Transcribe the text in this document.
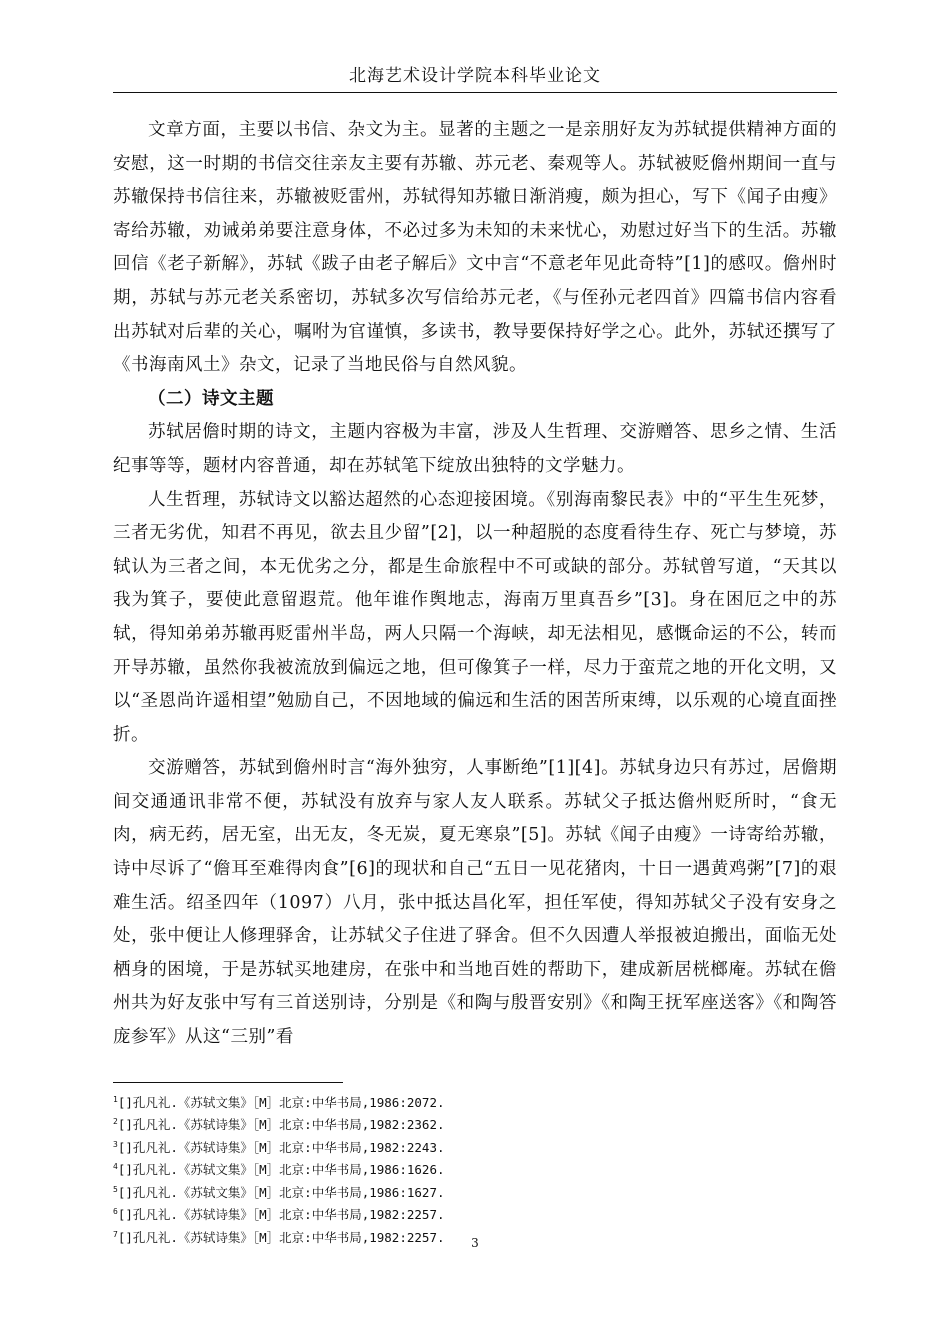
北海艺术设计学院本科毕业论文

文章方面，主要以书信、杂文为主。显著的主题之一是亲朋好友为苏轼提供精神方面的安慰，这一时期的书信交往亲友主要有苏辙、苏元老、秦观等人。苏轼被贬儋州期间一直与苏辙保持书信往来，苏辙被贬雷州，苏轼得知苏辙日渐消瘦，颇为担心，写下《闻子由瘦》寄给苏辙，劝诫弟弟要注意身体，不必过多为未知的未来忧心，劝慰过好当下的生活。苏辙回信《老子新解》，苏轼《跋子由老子解后》文中言“不意老年见此奇特”[1]的感叹。儋州时期，苏轼与苏元老关系密切，苏轼多次写信给苏元老，《与侄孙元老四首》四篇书信内容看出苏轼对后辈的关心，嘱咐为官谨慎，多读书，教导要保持好学之心。此外，苏轼还撰写了《书海南风土》杂文，记录了当地民俗与自然风貌。

（二）诗文主题

苏轼居儋时期的诗文，主题内容极为丰富，涉及人生哲理、交游赠答、思乡之情、生活纪事等等，题材内容普通，却在苏轼笔下绽放出独特的文学魅力。

人生哲理，苏轼诗文以豁达超然的心态迎接困境。《别海南黎民表》中的“平生生死梦，三者无劣优，知君不再见，欲去且少留”[2]，以一种超脱的态度看待生存、死亡与梦境，苏轼认为三者之间，本无优劣之分，都是生命旅程中不可或缺的部分。苏轼曾写道，“天其以我为箕子，要使此意留遐荒。他年谁作舆地志，海南万里真吾乡”[3]。身在困厄之中的苏轼，得知弟弟苏辙再贬雷州半岛，两人只隔一个海峡，却无法相见，感慨命运的不公，转而开导苏辙，虽然你我被流放到偏远之地，但可像箕子一样，尽力于蛮荒之地的开化文明，又以“圣恩尚许遥相望”勉励自己，不因地域的偏远和生活的困苦所束缚，以乐观的心境直面挫折。

交游赠答，苏轼到儋州时言“海外独穷，人事断绝”[1][4]。苏轼身边只有苏过，居儋期间交通通讯非常不便，苏轼没有放弃与家人友人联系。苏轼父子抵达儋州贬所时，“食无肉，病无药，居无室，出无友，冬无炭，夏无寒泉”[5]。苏轼《闻子由瘦》一诗寄给苏辙，诗中尽诉了“儋耳至难得肉食”[6]的现状和自己“五日一见花猪肉，十日一遇黄鸡粥”[7]的艰难生活。绍圣四年（1097）八月，张中抵达昌化军，担任军使，得知苏轼父子没有安身之处，张中便让人修理驿舍，让苏轼父子住进了驿舍。但不久因遭人举报被迫搬出，面临无处栖身的困境，于是苏轼买地建房，在张中和当地百姓的帮助下，建成新居桄榔庵。苏轼在儋州共为好友张中写有三首送别诗，分别是《和陶与殷晋安别》《和陶王抚军座送客》《和陶答庞参军》从这“三别”看

$^1$[]孔凡礼.《苏轼文集》［M］北京:中华书局,1986:2072.
$^2$[]孔凡礼.《苏轼诗集》［M］北京:中华书局,1982:2362.
$^3$[]孔凡礼.《苏轼诗集》［M］北京:中华书局,1982:2243.
$^4$[]孔凡礼.《苏轼文集》［M］北京:中华书局,1986:1626.
$^5$[]孔凡礼.《苏轼文集》［M］北京:中华书局,1986:1627.
$^6$[]孔凡礼.《苏轼诗集》［M］北京:中华书局,1982:2257.
$^7$[]孔凡礼.《苏轼诗集》［M］北京:中华书局,1982:2257.	3
